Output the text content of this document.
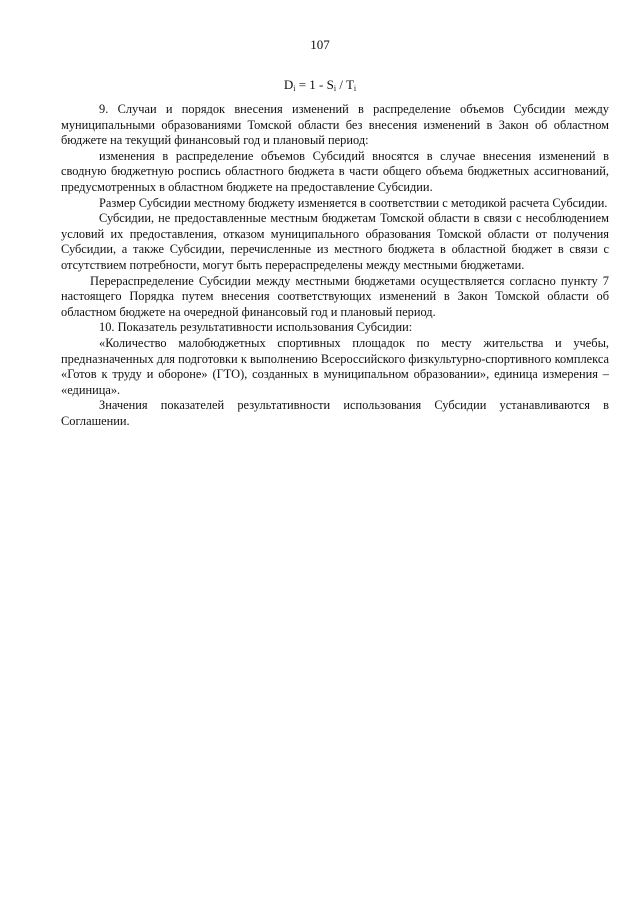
107
$D_i = 1 - S_i / T_i$

9. Случаи и порядок внесения изменений в распределение объемов Субсидии между муниципальными образованиями Томской области без внесения изменений в Закон об областном бюджете на текущий финансовый год и плановый период:

изменения в распределение объемов Субсидий вносятся в случае внесения изменений в сводную бюджетную роспись областного бюджета в части общего объема бюджетных ассигнований, предусмотренных в областном бюджете на предоставление Субсидии.

Размер Субсидии местному бюджету изменяется в соответствии с методикой расчета Субсидии.

Субсидии, не предоставленные местным бюджетам Томской области в связи с несоблюдением условий их предоставления, отказом муниципального образования Томской области от получения Субсидии, а также Субсидии, перечисленные из местного бюджета в областной бюджет в связи с отсутствием потребности, могут быть перераспределены между местными бюджетами.

Перераспределение Субсидии между местными бюджетами осуществляется согласно пункту 7 настоящего Порядка путем внесения соответствующих изменений в Закон Томской области об областном бюджете на очередной финансовый год и плановый период.

10. Показатель результативности использования Субсидии:

«Количество малобюджетных спортивных площадок по месту жительства и учебы, предназначенных для подготовки к выполнению Всероссийского физкультурно-спортивного комплекса «Готов к труду и обороне» (ГТО), созданных в муниципальном образовании», единица измерения – «единица».

Значения показателей результативности использования Субсидии устанавливаются в Соглашении.
